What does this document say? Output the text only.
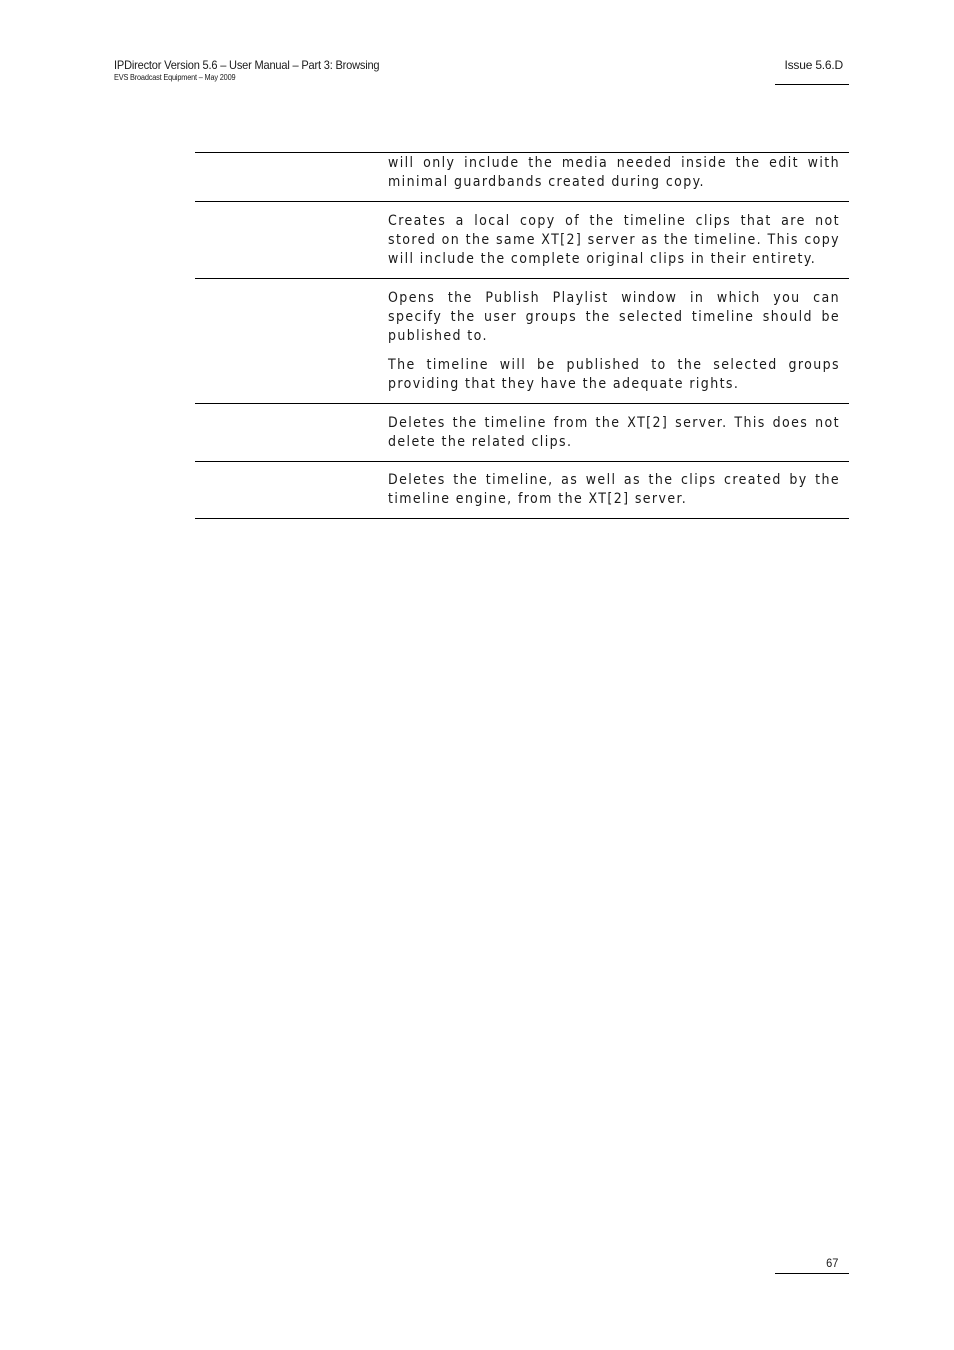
IPDirector Version 5.6 – User Manual – Part 3: Browsing
EVS Broadcast Equipment – May 2009
Issue 5.6.D

will only include the media needed inside the edit with minimal guardbands created during copy.

Creates a local copy of the timeline clips that are not stored on the same XT[2] server as the timeline. This copy will include the complete original clips in their entirety.

Opens the Publish Playlist window in which you can specify the user groups the selected timeline should be published to.

The timeline will be published to the selected groups providing that they have the adequate rights.

Deletes the timeline from the XT[2] server. This does not delete the related clips.

Deletes the timeline, as well as the clips created by the timeline engine, from the XT[2] server.

67
